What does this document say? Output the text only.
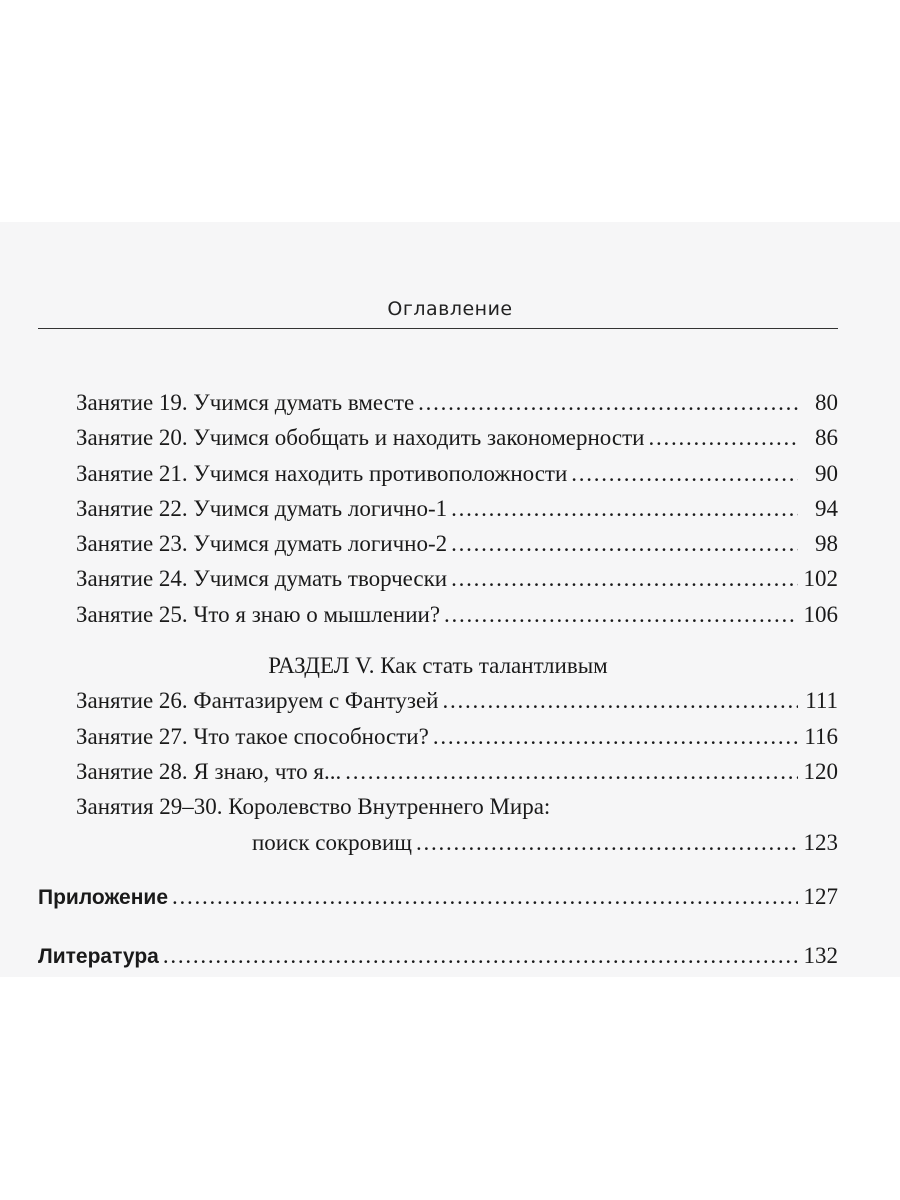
Оглавление
Занятие 19. Учимся думать вместе . . .	80
Занятие 20. Учимся обобщать и находить закономерности . . .	86
Занятие 21. Учимся находить противоположности . . .	90
Занятие 22. Учимся думать логично-1 . . .	94
Занятие 23. Учимся думать логично-2 . . .	98
Занятие 24. Учимся думать творчески . . .	102
Занятие 25. Что я знаю о мышлении? . . .	106
РАЗДЕЛ V. Как стать талантливым
Занятие 26. Фантазируем с Фантузей . . .	111
Занятие 27. Что такое способности? . . .	116
Занятие 28. Я знаю, что я... . . .	120
Занятия 29–30. Королевство Внутреннего Мира:
поиск сокровищ . . .	123
Приложение . . .	127
Литература . . .	132
